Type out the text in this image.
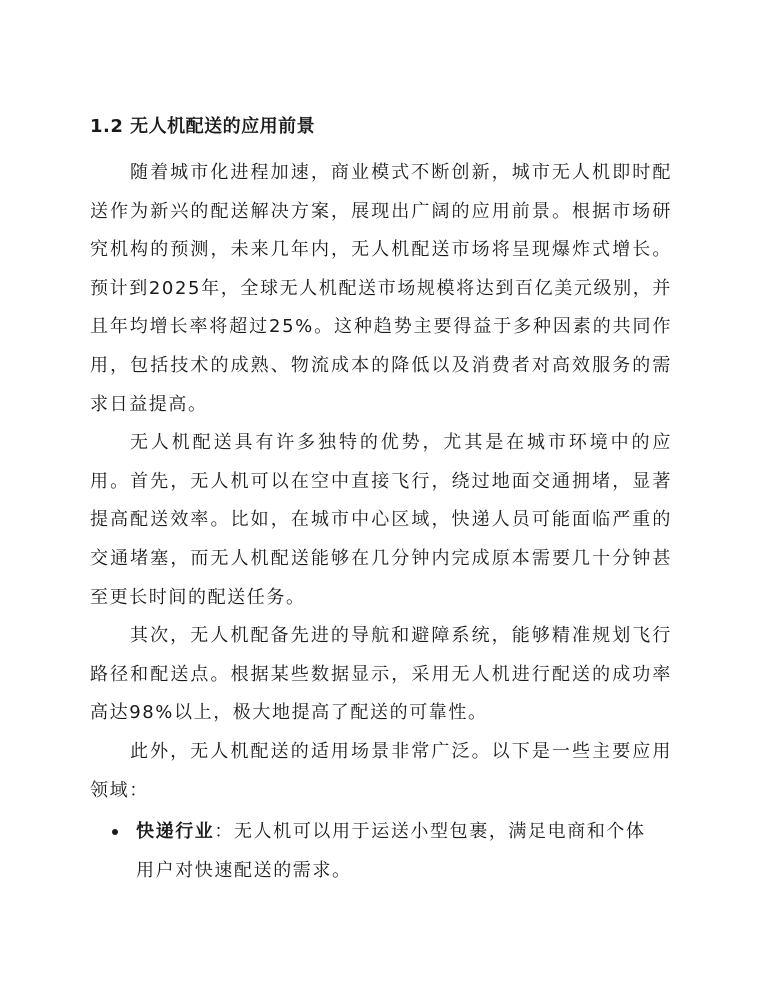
1.2 无人机配送的应用前景

随着城市化进程加速，商业模式不断创新，城市无人机即时配送作为新兴的配送解决方案，展现出广阔的应用前景。根据市场研究机构的预测，未来几年内，无人机配送市场将呈现爆炸式增长。预计到2025年，全球无人机配送市场规模将达到百亿美元级别，并且年均增长率将超过25%。这种趋势主要得益于多种因素的共同作用，包括技术的成熟、物流成本的降低以及消费者对高效服务的需求日益提高。

无人机配送具有许多独特的优势，尤其是在城市环境中的应用。首先，无人机可以在空中直接飞行，绕过地面交通拥堵，显著提高配送效率。比如，在城市中心区域，快递人员可能面临严重的交通堵塞，而无人机配送能够在几分钟内完成原本需要几十分钟甚至更长时间的配送任务。

其次，无人机配备先进的导航和避障系统，能够精准规划飞行路径和配送点。根据某些数据显示，采用无人机进行配送的成功率高达98%以上，极大地提高了配送的可靠性。

此外，无人机配送的适用场景非常广泛。以下是一些主要应用领域：

快递行业：无人机可以用于运送小型包裹，满足电商和个体用户对快速配送的需求。
